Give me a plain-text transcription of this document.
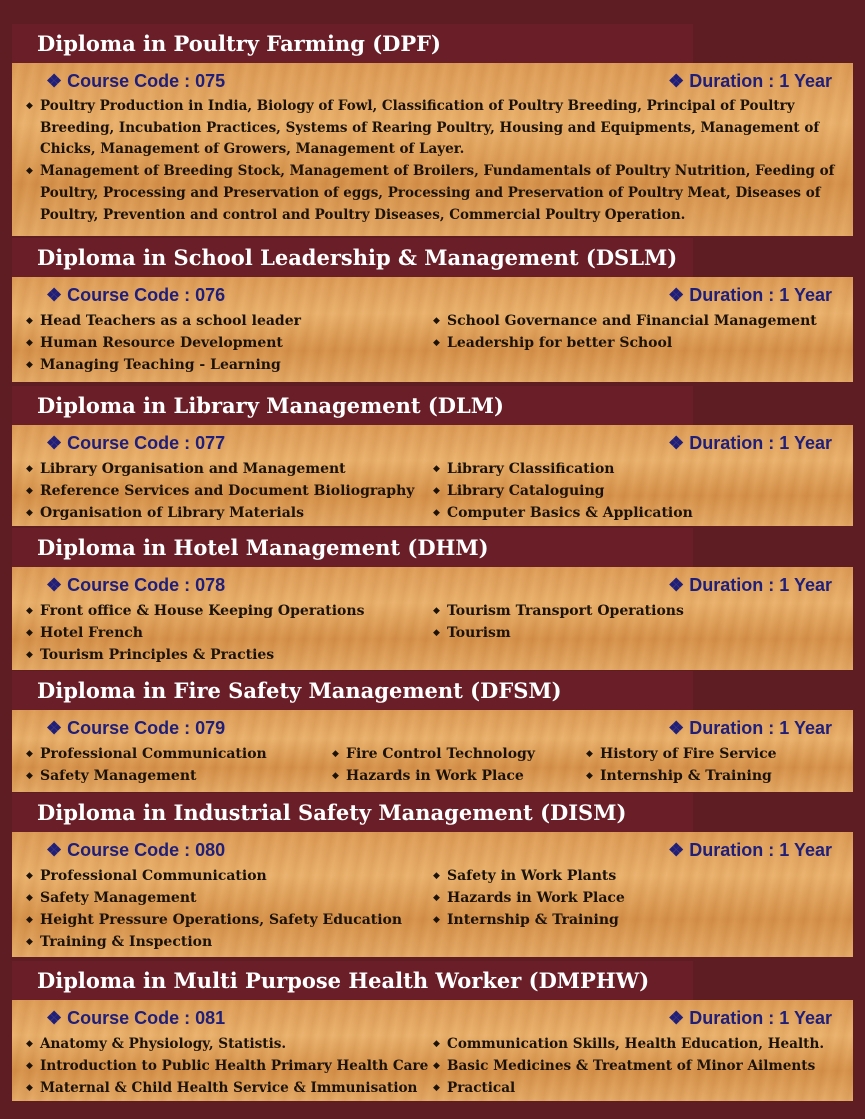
❖ Course Code : 075	❖ Duration : 1 Year
◆ Poultry Production in India, Biology of Fowl, Classification of Poultry Breeding, Principal of Poultry Breeding, Incubation Practices, Systems of Rearing Poultry, Housing and Equipments, Management of Chicks, Management of Growers, Management of Layer.
◆ Management of Breeding Stock, Management of Broilers, Fundamentals of Poultry Nutrition, Feeding of Poultry, Processing and Preservation of eggs, Processing and Preservation of Poultry Meat, Diseases of Poultry, Prevention and control and Poultry Diseases, Commercial Poultry Operation.
Diploma in Poultry Farming (DPF)
❖ Course Code : 076	❖ Duration : 1 Year
◆ Head Teachers as a school leader	◆ School Governance and Financial Management
◆ Human Resource Development	◆ Leadership for better School
◆ Managing Teaching - Learning
Diploma in School Leadership & Management (DSLM)
❖ Course Code : 077	❖ Duration : 1 Year
◆ Library Organisation and Management	◆ Library Classification
◆ Reference Services and Document Bioliography	◆ Library Cataloguing
◆ Organisation of Library Materials	◆ Computer Basics & Application
Diploma in Library Management (DLM)
❖ Course Code : 078	❖ Duration : 1 Year
◆ Front office & House Keeping Operations	◆ Tourism Transport Operations
◆ Hotel French	◆ Tourism
◆ Tourism Principles & Practies
Diploma in Hotel Management (DHM)
❖ Course Code : 079	❖ Duration : 1 Year
◆ Professional Communication	◆ Fire Control Technology	◆ History of Fire Service
◆ Safety Management	◆ Hazards in Work Place	◆ Internship & Training
Diploma in Fire Safety Management (DFSM)
❖ Course Code : 080	❖ Duration : 1 Year
◆ Professional Communication	◆ Safety in Work Plants
◆ Safety Management	◆ Hazards in Work Place
◆ Height Pressure Operations, Safety Education	◆ Internship & Training
◆ Training & Inspection
Diploma in Industrial Safety Management (DISM)
❖ Course Code : 081	❖ Duration : 1 Year
◆ Anatomy & Physiology, Statistis.	◆ Communication Skills, Health Education, Health.
◆ Introduction to Public Health Primary Health Care	◆ Basic Medicines & Treatment of Minor Ailments
◆ Maternal & Child Health Service & Immunisation	◆ Practical
Diploma in Multi Purpose Health Worker (DMPHW)
